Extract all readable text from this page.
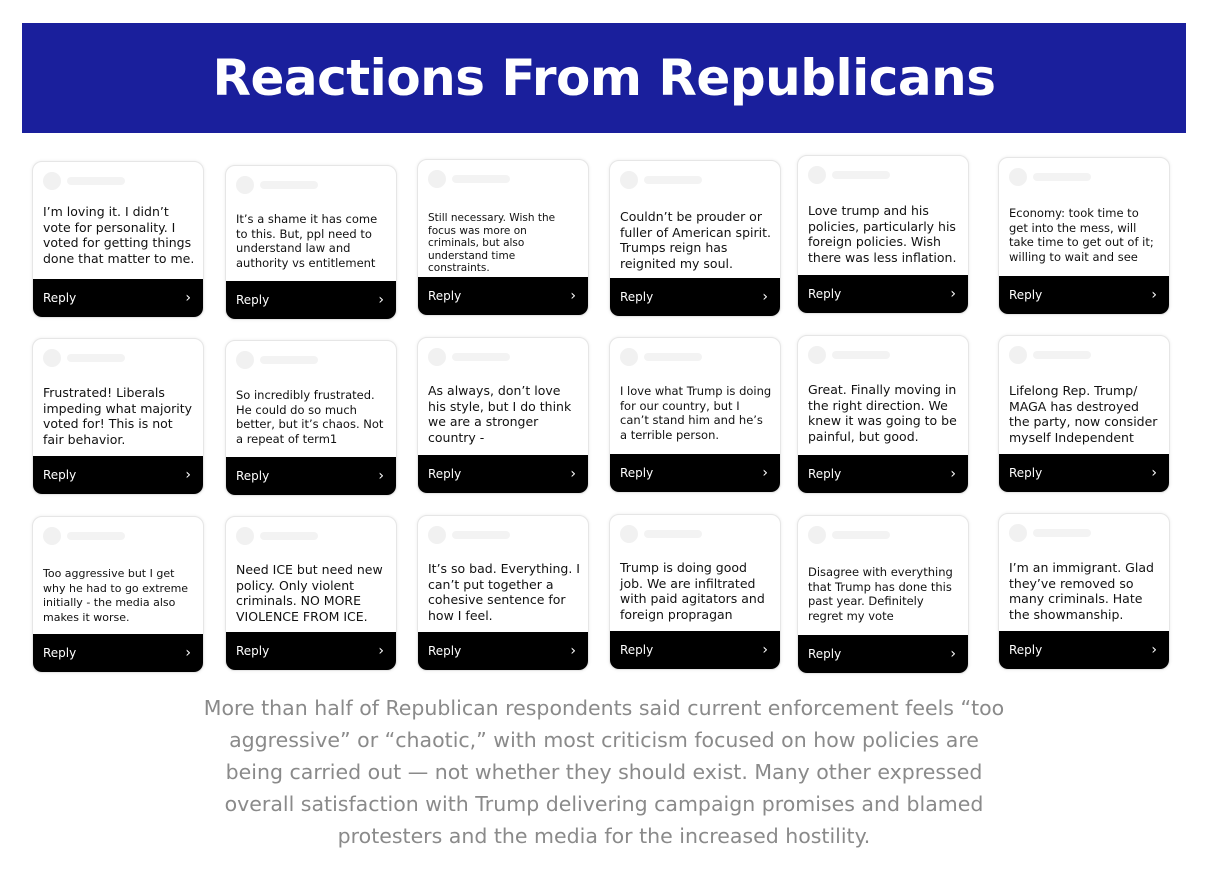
Reactions From Republicans
I’m loving it. I didn’t vote for personality. I voted for getting things done that matter to me.
Reply	›
It’s a shame it has come to this. But, ppl need to understand law and authority vs entitlement
Reply	›
Still necessary. Wish the focus was more on criminals, but also understand time constraints.
Reply	›
Couldn’t be prouder or fuller of American spirit. Trumps reign has reignited my soul.
Reply	›
Love trump and his policies, particularly his foreign policies. Wish there was less inflation.
Reply	›
Economy: took time to get into the mess, will take time to get out of it; willing to wait and see
Reply	›
Frustrated! Liberals impeding what majority voted for! This is not fair behavior.
Reply	›
So incredibly frustrated. He could do so much better, but it’s chaos. Not a repeat of term1
Reply	›
As always, don’t love his style, but I do think we are a stronger country -
Reply	›
I love what Trump is doing for our country, but I can’t stand him and he’s a terrible person.
Reply	›
Great. Finally moving in the right direction. We knew it was going to be painful, but good.
Reply	›
Lifelong Rep. Trump/ MAGA has destroyed the party, now consider myself Independent
Reply	›
Too aggressive but I get why he had to go extreme initially - the media also makes it worse.
Reply	›
Need ICE but need new policy. Only violent criminals. NO MORE VIOLENCE FROM ICE.
Reply	›
It’s so bad. Everything. I can’t put together a cohesive sentence for how I feel.
Reply	›
Trump is doing good job. We are infiltrated with paid agitators and foreign propragan
Reply	›
Disagree with everything that Trump has done this past year. Definitely regret my vote
Reply	›
I’m an immigrant. Glad they’ve removed so many criminals. Hate the showmanship.
Reply	›

More than half of Republican respondents said current enforcement feels “too aggressive” or “chaotic,” with most criticism focused on how policies are being carried out — not whether they should exist. Many other expressed overall satisfaction with Trump delivering campaign promises and blamed protesters and the media for the increased hostility.
